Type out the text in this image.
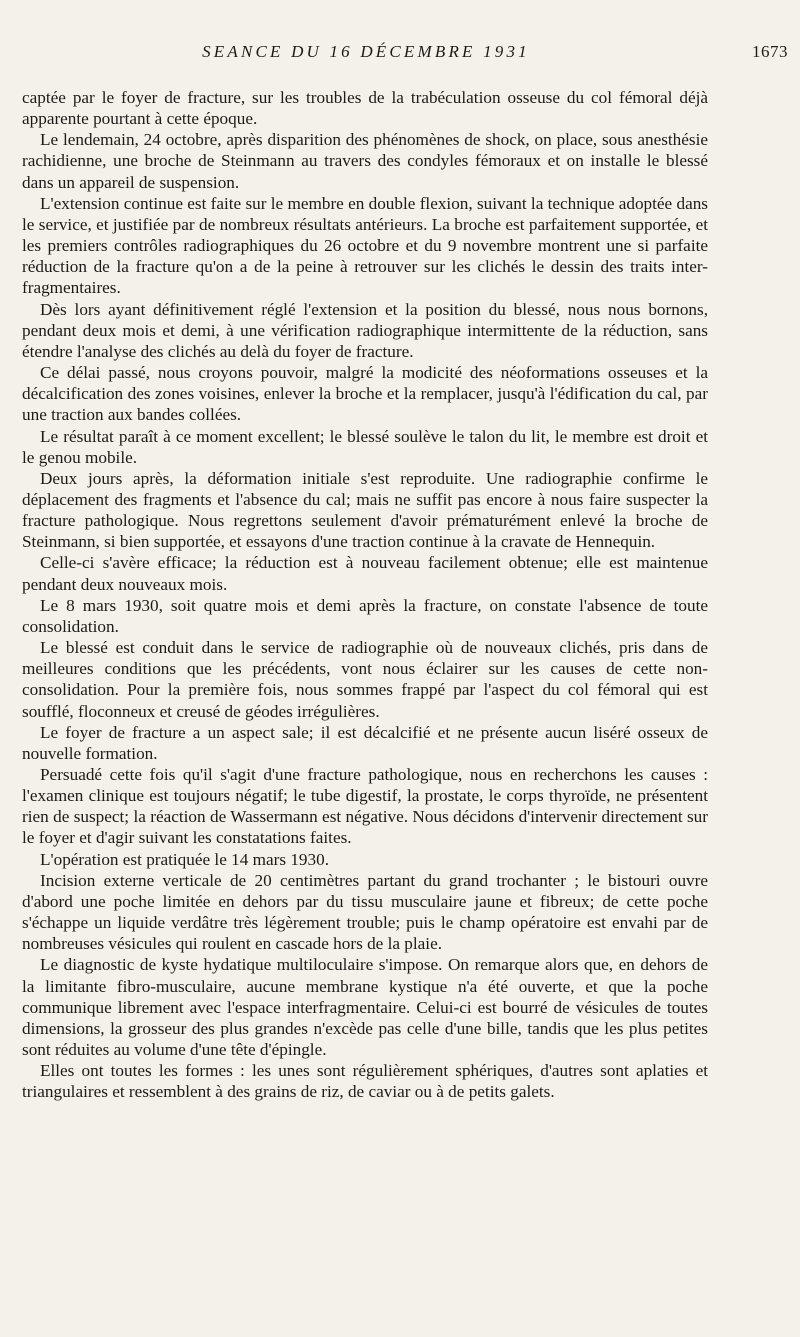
SEANCE DU 16 DÉCEMBRE 1931	1673

captée par le foyer de fracture, sur les troubles de la trabéculation osseuse du col fémoral déjà apparente pourtant à cette époque.

Le lendemain, 24 octobre, après disparition des phénomènes de shock, on place, sous anesthésie rachidienne, une broche de Steinmann au travers des condyles fémoraux et on installe le blessé dans un appareil de suspension.

L'extension continue est faite sur le membre en double flexion, suivant la technique adoptée dans le service, et justifiée par de nombreux résultats antérieurs. La broche est parfaitement supportée, et les premiers contrôles radiographiques du 26 octobre et du 9 novembre montrent une si parfaite réduction de la fracture qu'on a de la peine à retrouver sur les clichés le dessin des traits inter-fragmentaires.

Dès lors ayant définitivement réglé l'extension et la position du blessé, nous nous bornons, pendant deux mois et demi, à une vérification radiographique intermittente de la réduction, sans étendre l'analyse des clichés au delà du foyer de fracture.

Ce délai passé, nous croyons pouvoir, malgré la modicité des néoformations osseuses et la décalcification des zones voisines, enlever la broche et la remplacer, jusqu'à l'édification du cal, par une traction aux bandes collées.

Le résultat paraît à ce moment excellent; le blessé soulève le talon du lit, le membre est droit et le genou mobile.

Deux jours après, la déformation initiale s'est reproduite. Une radiographie confirme le déplacement des fragments et l'absence du cal; mais ne suffit pas encore à nous faire suspecter la fracture pathologique. Nous regrettons seulement d'avoir prématurément enlevé la broche de Steinmann, si bien supportée, et essayons d'une traction continue à la cravate de Hennequin.

Celle-ci s'avère efficace; la réduction est à nouveau facilement obtenue; elle est maintenue pendant deux nouveaux mois.

Le 8 mars 1930, soit quatre mois et demi après la fracture, on constate l'absence de toute consolidation.

Le blessé est conduit dans le service de radiographie où de nouveaux clichés, pris dans de meilleures conditions que les précédents, vont nous éclairer sur les causes de cette non-consolidation. Pour la première fois, nous sommes frappé par l'aspect du col fémoral qui est soufflé, floconneux et creusé de géodes irrégulières.

Le foyer de fracture a un aspect sale; il est décalcifié et ne présente aucun liséré osseux de nouvelle formation.

Persuadé cette fois qu'il s'agit d'une fracture pathologique, nous en recherchons les causes : l'examen clinique est toujours négatif; le tube digestif, la prostate, le corps thyroïde, ne présentent rien de suspect; la réaction de Wassermann est négative. Nous décidons d'intervenir directement sur le foyer et d'agir suivant les constatations faites.

L'opération est pratiquée le 14 mars 1930.

Incision externe verticale de 20 centimètres partant du grand trochanter ; le bistouri ouvre d'abord une poche limitée en dehors par du tissu musculaire jaune et fibreux; de cette poche s'échappe un liquide verdâtre très légèrement trouble; puis le champ opératoire est envahi par de nombreuses vésicules qui roulent en cascade hors de la plaie.

Le diagnostic de kyste hydatique multiloculaire s'impose. On remarque alors que, en dehors de la limitante fibro-musculaire, aucune membrane kystique n'a été ouverte, et que la poche communique librement avec l'espace interfragmentaire. Celui-ci est bourré de vésicules de toutes dimensions, la grosseur des plus grandes n'excède pas celle d'une bille, tandis que les plus petites sont réduites au volume d'une tête d'épingle.

Elles ont toutes les formes : les unes sont régulièrement sphériques, d'autres sont aplaties et triangulaires et ressemblent à des grains de riz, de caviar ou à de petits galets.
